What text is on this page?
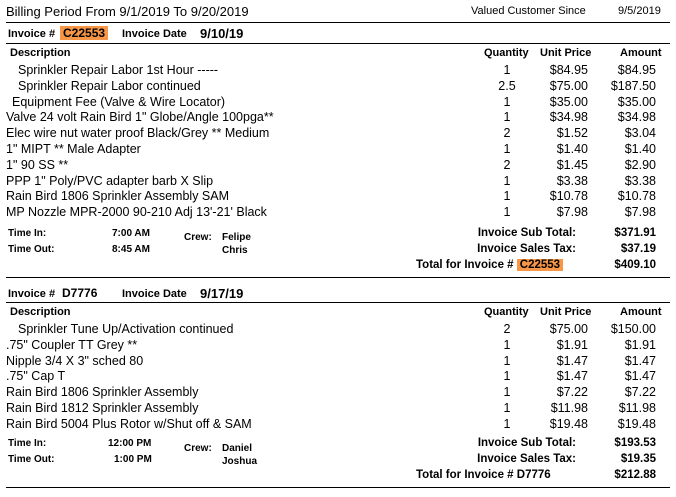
Billing Period From 9/1/2019 To 9/20/2019	Valued Customer Since	9/5/2019
Invoice # C22553 Invoice Date 9/10/19
Description	Quantity Unit Price	Amount
Sprinkler Repair Labor 1st Hour -----	1	$84.95 $84.95
Sprinkler Repair Labor continued	2.5	$75.00 $187.50
Equipment Fee (Valve & Wire Locator)	1	$35.00 $35.00
Valve 24 volt Rain Bird 1" Globe/Angle 100pga**	1	$34.98 $34.98
Elec wire nut water proof Black/Grey ** Medium	2	$1.52	$3.04
1" MIPT ** Male Adapter	1	$1.40	$1.40
1" 90 SS **	2	$1.45	$2.90
PPP 1" Poly/PVC adapter barb X Slip	1	$3.38	$3.38
Rain Bird 1806 Sprinkler Assembly SAM	1	$10.78 $10.78
MP Nozzle MPR-2000 90-210 Adj 13'-21' Black	1	$7.98	$7.98
Time In:	7:00 AM
Time Out:	8:45 AM
Crew: Felipe
Chris
Invoice Sub Total:	$371.91
Invoice Sales Tax:	$37.19
Total for Invoice # C22553	$409.10
Invoice # D7776 Invoice Date 9/17/19
Description	Quantity Unit Price	Amount
Sprinkler Tune Up/Activation continued	2	$75.00 $150.00
.75" Coupler TT Grey **	1	$1.91	$1.91
Nipple 3/4 X 3" sched 80	1	$1.47	$1.47
.75" Cap T	1	$1.47	$1.47
Rain Bird 1806 Sprinkler Assembly	1	$7.22	$7.22
Rain Bird 1812 Sprinkler Assembly	1	$11.98 $11.98
Rain Bird 5004 Plus Rotor w/Shut off & SAM	1	$19.48 $19.48
Time In:	12:00 PM
Time Out:	1:00 PM
Crew: Daniel
Joshua
Invoice Sub Total:	$193.53
Invoice Sales Tax:	$19.35
Total for Invoice # D7776	$212.88
